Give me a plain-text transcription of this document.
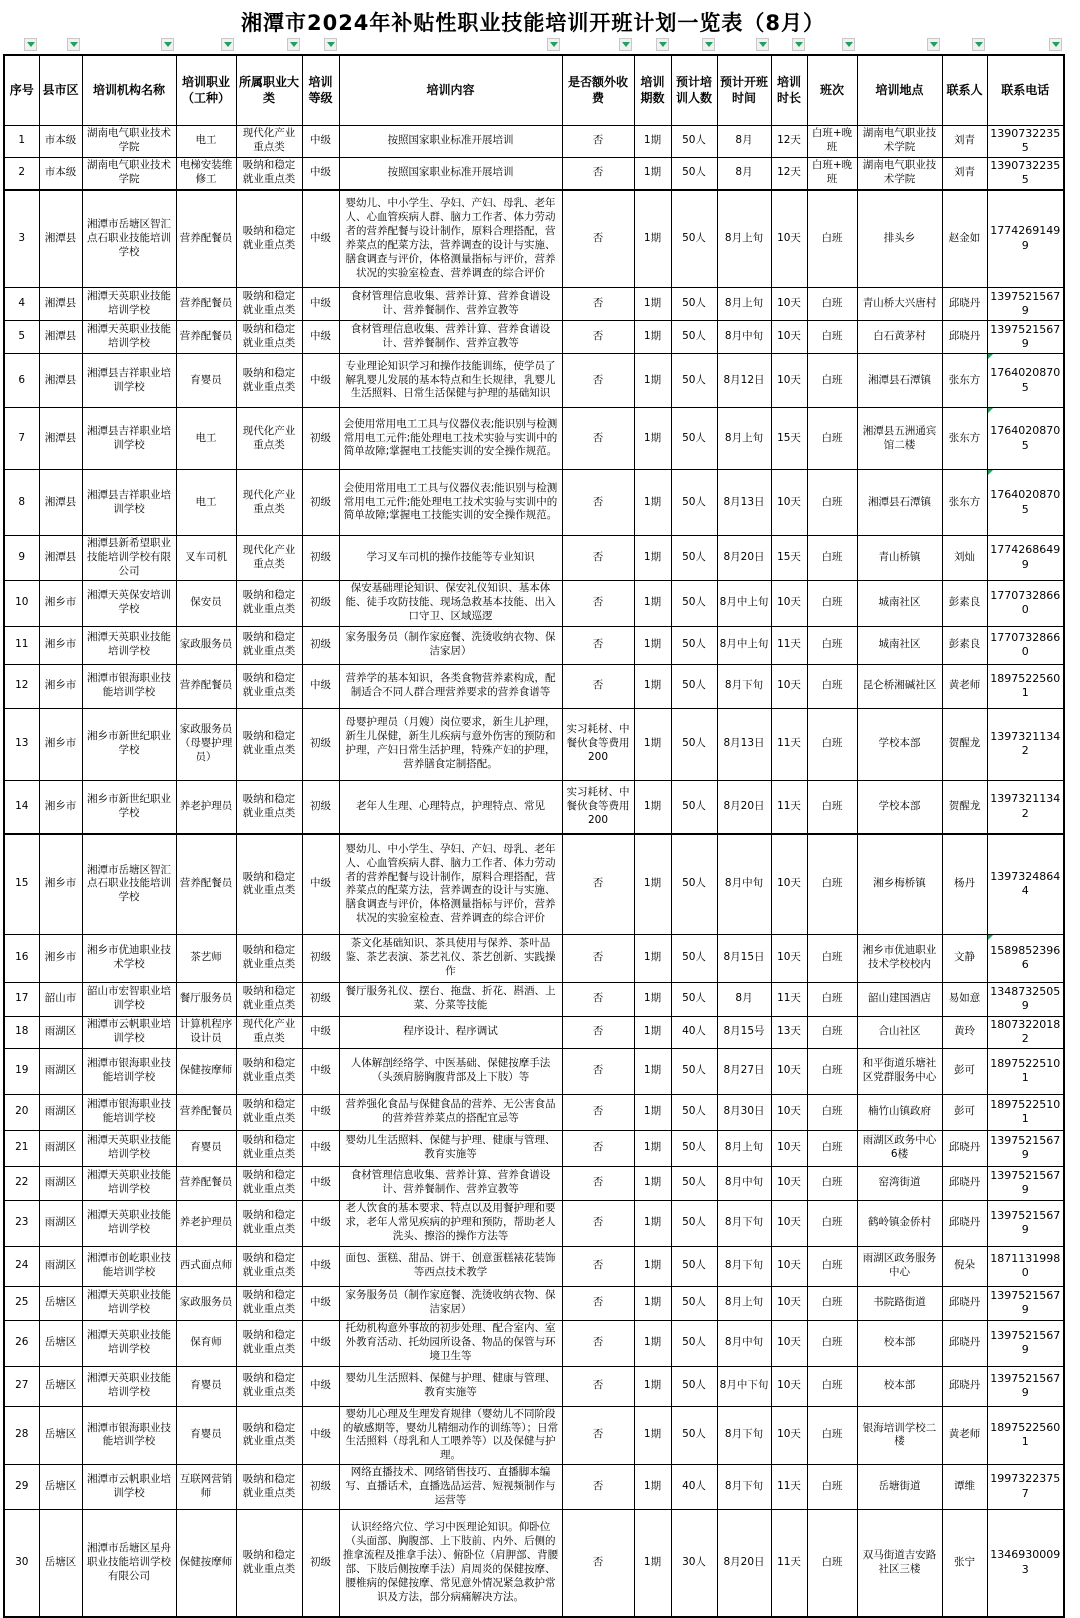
湘潭市2024年补贴性职业技能培训开班计划一览表（8月）
序号	县市区	培训机构名称	培训职业（工种）	所属职业大类	培训等级	培训内容	是否额外收费	培训期数	预计培训人数	预计开班时间	培训时长	班次	培训地点	联系人	联系电话
1	市本级	湖南电气职业技术学院	电工	现代化产业重点类	中级	按照国家职业标准开展培训	否	1期	50人	8月	12天	白班+晚班	湖南电气职业技术学院	刘青	13907322355
2	市本级	湖南电气职业技术学院	电梯安装维修工	吸纳和稳定就业重点类	中级	按照国家职业标准开展培训	否	1期	50人	8月	12天	白班+晚班	湖南电气职业技术学院	刘青	13907322355
3	湘潭县	湘潭市岳塘区智汇点石职业技能培训学校	营养配餐员	吸纳和稳定就业重点类	中级	婴幼儿、中小学生、孕妇、产妇、母乳、老年人、心血管疾病人群、脑力工作者、体力劳动者的营养配餐与设计制作，原料合理搭配，营养菜点的配菜方法，营养调查的设计与实施、膳食调查与评价，体格测量指标与评价，营养状况的实验室检查、营养调查的综合评价	否	1期	50人	8月上旬	10天	白班	排头乡	赵金如	17742691499
4	湘潭县	湘潭天英职业技能培训学校	营养配餐员	吸纳和稳定就业重点类	中级	食材管理信息收集、营养计算、营养食谱设计、营养餐制作、营养宣教等	否	1期	50人	8月上旬	10天	白班	青山桥大兴唐村	邱晓丹	13975215679
5	湘潭县	湘潭天英职业技能培训学校	营养配餐员	吸纳和稳定就业重点类	中级	食材管理信息收集、营养计算、营养食谱设计、营养餐制作、营养宣教等	否	1期	50人	8月中旬	10天	白班	白石黄茅村	邱晓丹	13975215679
6	湘潭县	湘潭县吉祥职业培训学校	育婴员	吸纳和稳定就业重点类	中级	专业理论知识学习和操作技能训练，使学员了解乳婴儿发展的基本特点和生长规律，乳婴儿生活照料、日常生活保健与护理的基础知识	否	1期	50人	8月12日	10天	白班	湘潭县石潭镇	张东方	17640208705
7	湘潭县	湘潭县吉祥职业培训学校	电工	现代化产业重点类	初级	会使用常用电工工具与仪器仪表;能识别与检测常用电工元件;能处理电工技术实验与实训中的简单故障;掌握电工技能实训的安全操作规范。	否	1期	50人	8月上旬	15天	白班	湘潭县五洲通宾馆二楼	张东方	17640208705
8	湘潭县	湘潭县吉祥职业培训学校	电工	现代化产业重点类	初级	会使用常用电工工具与仪器仪表;能识别与检测常用电工元件;能处理电工技术实验与实训中的简单故障;掌握电工技能实训的安全操作规范。	否	1期	50人	8月13日	10天	白班	湘潭县石潭镇	张东方	17640208705
9	湘潭县	湘潭县新希望职业技能培训学校有限公司	叉车司机	现代化产业重点类	初级	学习叉车司机的操作技能等专业知识	否	1期	50人	8月20日	15天	白班	青山桥镇	刘灿	17742686499
10	湘乡市	湘潭天英保安培训学校	保安员	吸纳和稳定就业重点类	初级	保安基础理论知识、保安礼仪知识、基本体能、徒手攻防技能、现场急救基本技能、出入口守卫、区域巡逻	否	1期	50人	8月中上旬	10天	白班	城南社区	彭素良	17707328660
11	湘乡市	湘潭天英职业技能培训学校	家政服务员	吸纳和稳定就业重点类	初级	家务服务员（制作家庭餐、洗烫收纳衣物、保洁家居）	否	1期	50人	8月中上旬	11天	白班	城南社区	彭素良	17707328660
12	湘乡市	湘潭市银海职业技能培训学校	营养配餐员	吸纳和稳定就业重点类	中级	营养学的基本知识，各类食物营养素构成，配制适合不同人群合理营养要求的营养食谱等	否	1期	50人	8月下旬	10天	白班	昆仑桥湘碱社区	黄老师	18975225601
13	湘乡市	湘乡市新世纪职业学校	家政服务员（母婴护理员）	吸纳和稳定就业重点类	初级	母婴护理员（月嫂）岗位要求，新生儿护理，新生儿保健，新生儿疾病与意外伤害的预防和护理，产妇日常生活护理，特殊产妇的护理，营养膳食定制搭配。	实习耗材、中餐伙食等费用200	1期	50人	8月13日	11天	白班	学校本部	贺醒龙	13973211342
14	湘乡市	湘乡市新世纪职业学校	养老护理员	吸纳和稳定就业重点类	初级	老年人生理、心理特点，护理特点、常见	实习耗材、中餐伙食等费用200	1期	50人	8月20日	11天	白班	学校本部	贺醒龙	13973211342
15	湘乡市	湘潭市岳塘区智汇点石职业技能培训学校	营养配餐员	吸纳和稳定就业重点类	中级	婴幼儿、中小学生、孕妇、产妇、母乳、老年人、心血管疾病人群、脑力工作者、体力劳动者的营养配餐与设计制作，原料合理搭配，营养菜点的配菜方法，营养调查的设计与实施、膳食调查与评价，体格测量指标与评价，营养状况的实验室检查、营养调查的综合评价	否	1期	50人	8月中旬	10天	白班	湘乡梅桥镇	杨丹	13973248644
16	湘乡市	湘乡市优迪职业技术学校	茶艺师	吸纳和稳定就业重点类	初级	茶文化基础知识、茶具使用与保养、茶叶品鉴、茶艺表演、茶艺礼仪、茶艺创新、实践操作	否	1期	50人	8月15日	10天	白班	湘乡市优迪职业技术学校校内	文静	15898523966
17	韶山市	韶山市宏智职业培训学校	餐厅服务员	吸纳和稳定就业重点类	初级	餐厅服务礼仪、摆台、拖盘、折花、斟酒、上菜、分菜等技能	否	1期	50人	8月	11天	白班	韶山建国酒店	易如意	13487325059
18	雨湖区	湘潭市云帆职业培训学校	计算机程序设计员	现代化产业重点类	中级	程序设计、程序调试	否	1期	40人	8月15号	13天	白班	合山社区	黄玲	18073220182
19	雨湖区	湘潭市银海职业技能培训学校	保健按摩师	吸纳和稳定就业重点类	中级	人体解剖经络学、中医基础、保健按摩手法（头颈肩膀胸腹背部及上下肢）等	否	1期	50人	8月27日	10天	白班	和平街道乐塘社区党群服务中心	彭可	18975225101
20	雨湖区	湘潭市银海职业技能培训学校	营养配餐员	吸纳和稳定就业重点类	中级	营养强化食品与保健食品的营养、无公害食品的营养营养菜点的搭配宜忌等	否	1期	50人	8月30日	10天	白班	楠竹山镇政府	彭可	18975225101
21	雨湖区	湘潭天英职业技能培训学校	育婴员	吸纳和稳定就业重点类	中级	婴幼儿生活照料、保健与护理、健康与管理、教育实施等	否	1期	50人	8月上旬	10天	白班	雨湖区政务中心6楼	邱晓丹	13975215679
22	雨湖区	湘潭天英职业技能培训学校	营养配餐员	吸纳和稳定就业重点类	中级	食材管理信息收集、营养计算、营养食谱设计、营养餐制作、营养宣教等	否	1期	50人	8月中旬	10天	白班	窑湾街道	邱晓丹	13975215679
23	雨湖区	湘潭天英职业技能培训学校	养老护理员	吸纳和稳定就业重点类	中级	老人饮食的基本要求、特点以及用餐护理和要求，老年人常见疾病的护理和预防，帮助老人洗头、擦浴的操作方法等	否	1期	50人	8月下旬	10天	白班	鹤岭镇金侨村	邱晓丹	13975215679
24	雨湖区	湘潭市创屹职业技能培训学校	西式面点师	吸纳和稳定就业重点类	中级	面包、蛋糕、甜品、饼干、创意蛋糕裱花装饰等西点技术教学	否	1期	50人	8月下旬	10天	白班	雨湖区政务服务中心	倪朵	18711319980
25	岳塘区	湘潭天英职业技能培训学校	家政服务员	吸纳和稳定就业重点类	中级	家务服务员（制作家庭餐、洗烫收纳衣物、保洁家居）	否	1期	50人	8月上旬	10天	白班	书院路街道	邱晓丹	13975215679
26	岳塘区	湘潭天英职业技能培训学校	保育师	吸纳和稳定就业重点类	中级	托幼机构意外事故的初步处理、配合室内、室外教育活动、托幼园所设备、物品的保管与环境卫生等	否	1期	50人	8月中旬	10天	白班	校本部	邱晓丹	13975215679
27	岳塘区	湘潭天英职业技能培训学校	育婴员	吸纳和稳定就业重点类	中级	婴幼儿生活照料、保健与护理、健康与管理、教育实施等	否	1期	50人	8月中下旬	10天	白班	校本部	邱晓丹	13975215679
28	岳塘区	湘潭市银海职业技能培训学校	育婴员	吸纳和稳定就业重点类	中级	婴幼儿心理及生理发育规律（婴幼儿不同阶段的敏感期等，婴幼儿精细动作的训练等）；日常生活照料（母乳和人工喂养等）以及保健与护理。	否	1期	50人	8月下旬	10天	白班	银海培训学校二楼	黄老师	18975225601
29	岳塘区	湘潭市云帆职业培训学校	互联网营销师	吸纳和稳定就业重点类	初级	网络直播技术、网络销售技巧、直播脚本编写、直播话术，直播选品运营、短视频制作与运营等	否	1期	40人	8月下旬	11天	白班	岳塘街道	谭维	19973223757
30	岳塘区	湘潭市岳塘区星舟职业技能培训学校有限公司	保健按摩师	吸纳和稳定就业重点类	初级	认识经络穴位、学习中医理论知识。仰卧位（头面部、胸腹部、上下肢前、内外、后侧的推拿流程及推拿手法）、俯卧位（肩胛部、背腰部、下肢后侧按摩手法）肩周炎的保健按摩、腰椎病的保健按摩、常见意外情况紧急救护常识及方法，部分病痛解决方法。	否	1期	30人	8月20日	11天	白班	双马街道吉安路社区三楼	张宁	13469300093
